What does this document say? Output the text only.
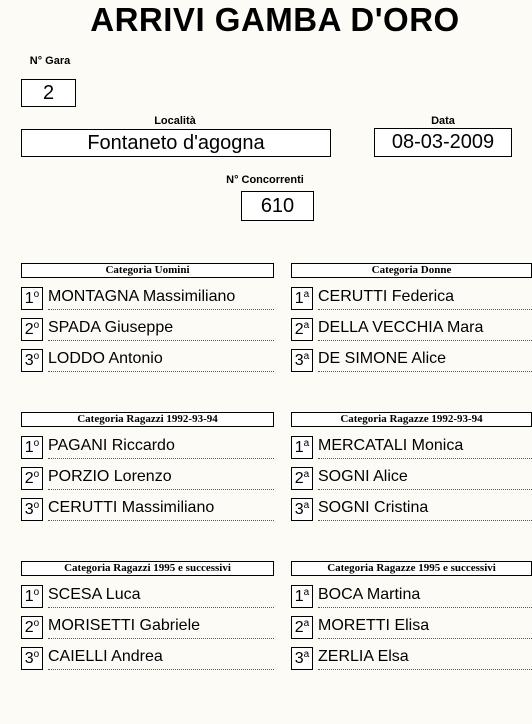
ARRIVI GAMBA D'ORO
N° Gara
2
Località
Fontaneto d'agogna
Data
08-03-2009
N° Concorrenti
610
Categoria Uomini
1$^o$ MONTAGNA Massimiliano
2$^o$ SPADA Giuseppe
3$^o$ LODDO Antonio
Categoria Donne
1$^a$ CERUTTI Federica
2$^a$ DELLA VECCHIA Mara
3$^a$ DE SIMONE Alice
Categoria Ragazzi 1992-93-94
1$^o$ PAGANI Riccardo
2$^o$ PORZIO Lorenzo
3$^o$ CERUTTI Massimiliano
Categoria Ragazze 1992-93-94
1$^a$ MERCATALI Monica
2$^a$ SOGNI Alice
3$^a$ SOGNI Cristina
Categoria Ragazzi 1995 e successivi
1$^o$ SCESA Luca
2$^o$ MORISETTI Gabriele
3$^o$ CAIELLI Andrea
Categoria Ragazze 1995 e successivi
1$^a$ BOCA Martina
2$^a$ MORETTI Elisa
3$^a$ ZERLIA Elsa
